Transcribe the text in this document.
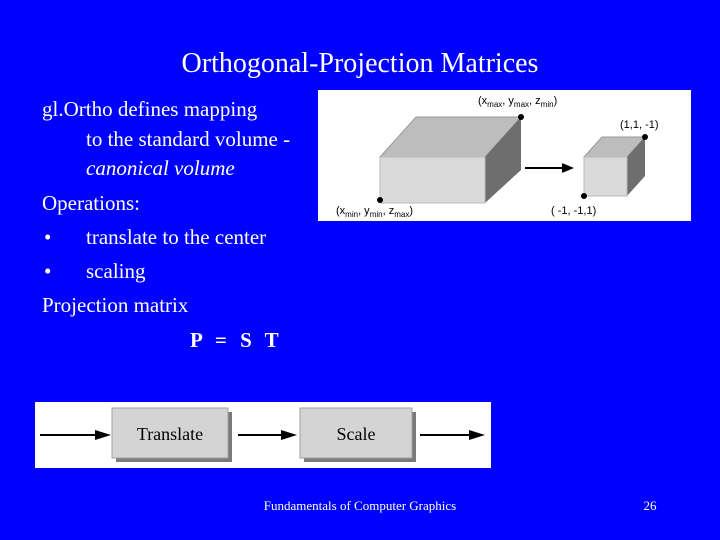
Orthogonal-Projection Matrices
gl.Ortho defines mapping
to the standard volume -
canonical volume
Operations:
• translate to the center
• scaling
Projection matrix
P = S T
($x_{max}$, $y_{max}$, $z_{min}$)
($x_{min}$, $y_{min}$, $z_{max}$)
(1,1, -1)
( -1, -1,1)
Translate	Scale
Fundamentals of Computer Graphics	26
